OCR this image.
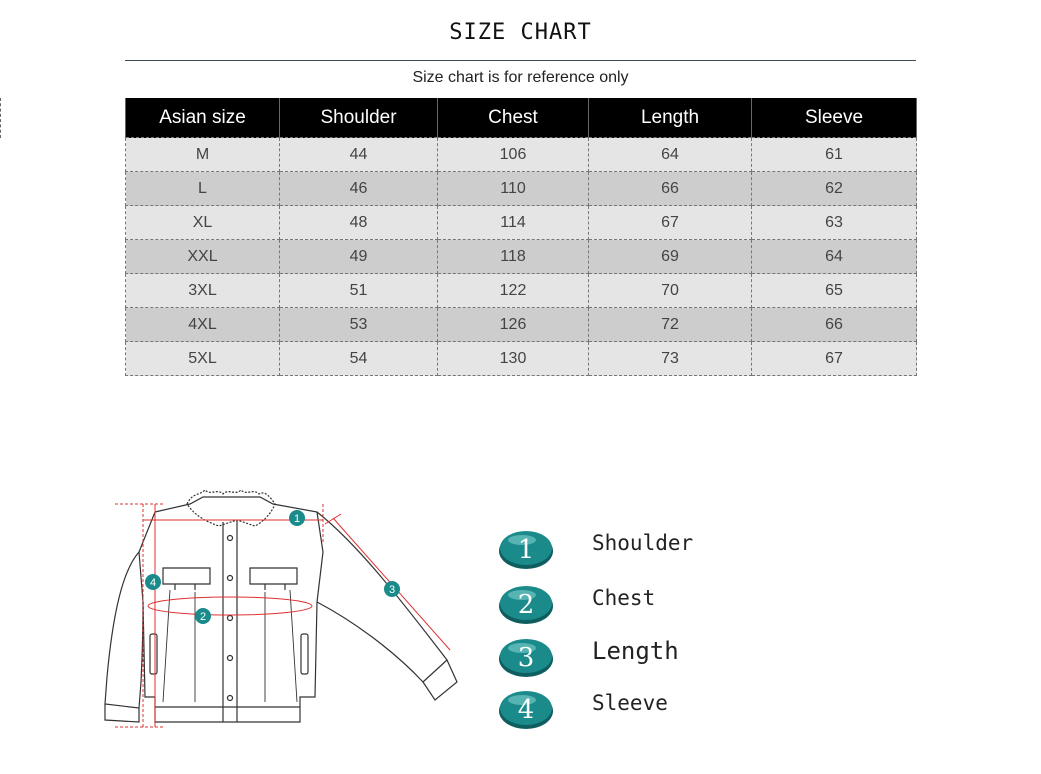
SIZE CHART
Size chart is for reference only
Asian size	Shoulder	Chest	Length	Sleeve
M	44	106	64	61
L	46	110	66	62
XL	48	114	67	63
XXL	49	118	69	64
3XL	51	122	70	65
4XL	53	126	72	66
5XL	54	130	73	67
1
2
3
4
1	Shoulder
2	Chest
3 Length
4	Sleeve
